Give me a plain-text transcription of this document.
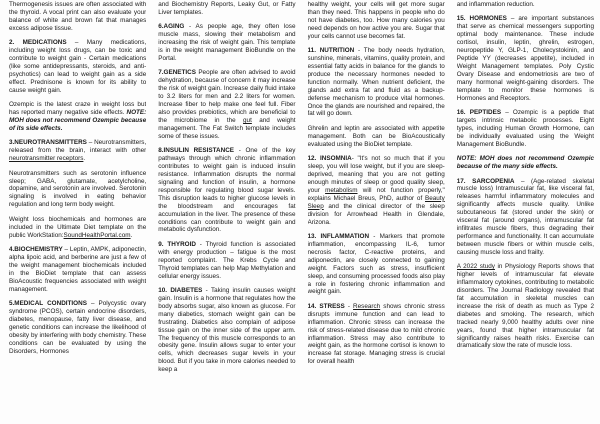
Thermogenesis issues are often associated with the thyroid. A vocal print can also evaluate your balance of white and brown fat that manages excess adipose tissue.

2. MEDICATIONS – Many medications, including weight loss drugs, can be toxic and contribute to weight gain - Certain medications (like some antidepressants, steroids, and anti-psychotics) can lead to weight gain as a side effect. Prednisone is known for its ability to cause weight gain.

Ozempic is the latest craze in weight loss but has reported many negative side effects. NOTE: MOH does not recommend Ozempic because of its side effects.

3.NEUROTRANSMITTERS – Neurotransmitters, released from the brain, interact with other neurotransmitter receptors.

Neurotransmitters such as serotonin influence sleep; GABA, glutamate, acetylcholine, dopamine, and serotonin are involved. Serotonin signaling is involved in eating behavior regulation and long term body weight.

Weight loss biochemicals and hormones are included in the Ultimate Diet template on the public WorkStation:SoundHealthPortal.com.

4.BIOCHEMISTRY – Leptin, AMPK, adiponectin, alpha lipoic acid, and berberine are just a few of the weight management biochemicals included in the BioDiet template that can assess BioAcoustic frequencies associated with weight management.

5.MEDICAL CONDITIONS – Polycystic ovary syndrome (PCOS), certain endocrine disorders, diabetes, menopause, fatty liver disease, and genetic conditions can increase the likelihood of obesity by interfering with body chemistry. These conditions can be evaluated by using the Disorders, Hormones

and Biochemistry Reports, Leaky Gut, or Fatty Liver templates.

6.AGING - As people age, they often lose muscle mass, slowing their metabolism and increasing the risk of weight gain. This template is in the weight management BioBundle on the Portal.

7.GENETICS People are often advised to avoid dehydration, because of concern it may increase the risk of weight gain. Increase daily fluid intake to 3.2 liters for men and 2.2 liters for women. Increase fiber to help make one feel full. Fiber also provides prebiotics, which are beneficial to the microbiome in the gut and weight management. The Fat Switch template includes some of these issues.

8.INSULIN RESISTANCE - One of the key pathways through which chronic inflammation contributes to weight gain is induced insulin resistance. Inflammation disrupts the normal signaling and function of insulin, a hormone responsible for regulating blood sugar levels. This disruption leads to higher glucose levels in the bloodstream and encourages fat accumulation in the liver. The presence of these conditions can contribute to weight gain and metabolic dysfunction.

9. THYROID - Thyroid function is associated with energy production – fatigue is the most reported complaint. The Krebs Cycle and Thyroid templates can help Map Methylation and cellular energy issues.

10. DIABETES - Taking insulin causes weight gain. Insulin is a hormone that regulates how the body absorbs sugar, also known as glucose. For many diabetics, stomach weight gain can be frustrating. Diabetics also complain of adipose tissue gain on the inner side of the upper arm. The frequency of this muscle corresponds to an obesity gene. Insulin allows sugar to enter your cells, which decreases sugar levels in your blood. But if you take in more calories needed to keep a

healthy weight, your cells will get more sugar than they need. This happens in people who do not have diabetes, too. How many calories you need depends on how active you are. Sugar that your cells cannot use becomes fat.

11. NUTRITION - The body needs hydration, sunshine, minerals, vitamins, quality protein, and essential fatty acids in balance for the glands to produce the necessary hormones needed to function normally. When nutrient deficient, the glands add extra fat and fluid as a backup-defense mechanism to produce vital hormones. Once the glands are nourished and repaired, the fat will go down.

Ghrelin and leptin are associated with appetite management. Both can be BioAcoustically evaluated using the BioDiet template.

12. INSOMNIA- "It's not so much that if you sleep, you will lose weight, but if you are sleep-deprived, meaning that you are not getting enough minutes of sleep or good quality sleep, your metabolism will not function properly," explains Michael Breus, PhD, author of Beauty Sleep and the clinical director of the sleep division for Arrowhead Health in Glendale, Arizona.

13. INFLAMMATION - Markers that promote inflammation, encompassing IL-6, tumor necrosis factor, C-reactive proteins, and adiponectin, are closely connected to gaining weight. Factors such as stress, insufficient sleep, and consuming processed foods also play a role in fostering chronic inflammation and weight gain.

14. STRESS - Research shows chronic stress disrupts immune function and can lead to inflammation. Chronic stress can increase the risk of stress-related disease due to mild chronic inflammation. Stress may also contribute to weight gain, as the hormone cortisol is known to increase fat storage. Managing stress is crucial for overall health

and inflammation reduction.

15. HORMONES – are important substances that serve as chemical messengers supporting optimal body maintenance. These include cortisol, insulin, leptin, ghrelin, estrogen, neuropeptide Y, GLP-1, Cholecystokinin, and Peptide YY (decreases appetite), included in Weight Management templates. Poly Cystic Ovary Disease and endometriosis are two of many hormonal weight-gaining disorders. The template to monitor these hormones is Hormones and Receptors.

16. PEPTIDES – Ozempic is a peptide that targets intrinsic metabolic processes. Eight types, including Human Growth Hormone, can be individually evaluated using the Weight Management BioBundle.

NOTE: MOH does not recommend Ozempic because of the many side effects.

17. SARCOPENIA – (Age-related skeletal muscle loss) Intramuscular fat, like visceral fat, releases harmful inflammatory molecules and significantly affects muscle quality. Unlike subcutaneous fat (stored under the skin) or visceral fat (around organs), intramuscular fat infiltrates muscle fibers, thus degrading their performance and functionality. It can accumulate between muscle fibers or within muscle cells, causing muscle loss and frailty.

A 2022 study in Physiology Reports shows that higher levels of intramuscular fat elevate inflammatory cytokines, contributing to metabolic disorders. The Journal Radiology revealed that fat accumulation in skeletal muscles can increase the risk of death as much as Type 2 diabetes and smoking. The research, which tracked nearly 9,000 healthy adults over nine years, found that higher intramuscular fat significantly raises health risks. Exercise can dramatically slow the rate of muscle loss.
